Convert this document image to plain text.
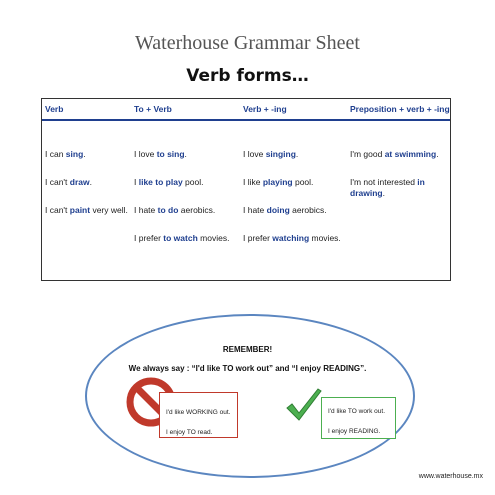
Waterhouse Grammar Sheet
Verb forms…
Verb
I can sing.
I can't draw.
I can't paint very well.
To + Verb
I love to sing.
I like to play pool.
I hate to do aerobics.
I prefer to watch movies.
Verb + -ing
I love singing.
I like playing pool.
I hate doing aerobics.
I prefer watching movies.
Preposition + verb + -ing
I'm good at swimming.
I'm not interested in drawing.
REMEMBER!
We always say : “I'd like TO work out” and “I enjoy READING”.
I'd like WORKING out.
I enjoy TO read.
I'd like TO work out.
I enjoy READING.
www.waterhouse.mx
